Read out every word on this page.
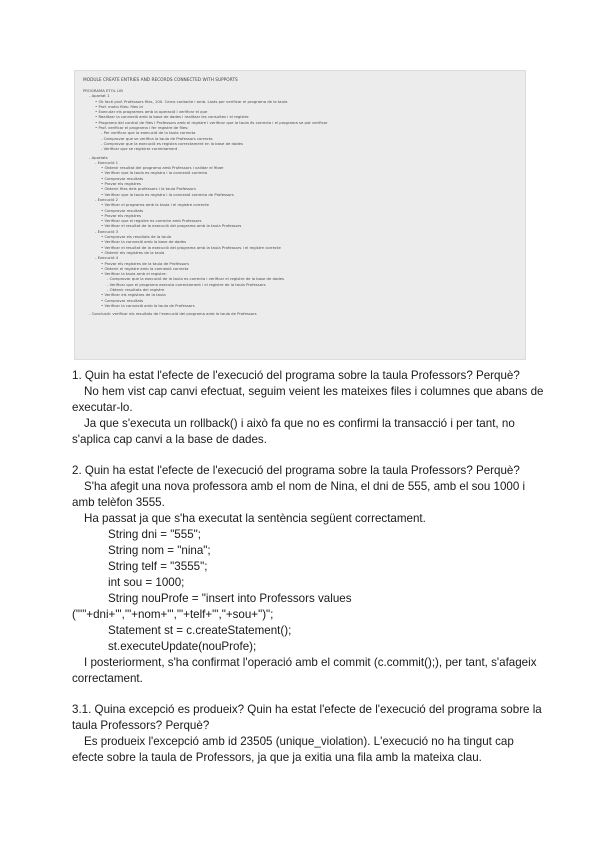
MODULE CREATE ENTRIES AND RECORDS CONNECTED WITH SUPPORTS
PROGRAMA ETOL LIB
- Apartat 1
• Ok facti prof. Professors files, 100. Cerca contacte i amb. Lasts per verificar el programa de la taula
• Prof. motiu files: files id
• Executar els programes amb la operació i verificar el que
• Realitzar la connexió amb la base de dades i realitzar les consultes i el registre
• Programa del control de files i Professors amb el registre i verificar que la taula és correcta i el programa se pot verificar
• Prof. verificar el programa i fer registre de files:
- Per verificar que la execució de la taula correcta
- Comprovar que se verifica la taula de Professors correcta
- Comprovar que la execució es registra correctament en la base de dades
- Verificar que se registrar correctament
- Apartats
- Execució 1
• Obtenir resultat del programa amb Professors i validar el fitxer
• Verificar que la taula es registra i la connexió correcta
• Comprovar resultats
• Provar els registres
• Obtenir files dels professors i la taula Professors
• Verificar que la taula es registra i la connexió correcta de Professors
- Execució 2
• Verificar el programa amb la taula i el registre correcte
• Comprovar resultats
• Provar els registres
• Verificar que el registre es correcte amb Professors
• Verificar el resultat de la execució del programa amb la taula Professors
- Execució 3
• Comprovar els resultats de la taula
• Verificar la connexió amb la base de dades
• Verificar el resultat de la execució del programa amb la taula Professors i el registre correcte
• Obtenir els registres de la taula
- Execució 4
• Provar els registres de la taula de Professors
• Obtenir el registre amb la connexió correcta
• Verificar la taula amb el registre:
- Comprovar que la execució de la taula es correcta i verificar el registre de la base de dades
- Verificar que el programa executa correctament i el registre de la taula Professors
- Obtenir resultats del registre
• Verificar els registres de la taula
• Comprovar resultats
• Verificar la connexió amb la taula de Professors
- Conclusió: verificar els resultats de l'execució del programa amb la taula de Professors
1. Quin ha estat l'efecte de l'execució del programa sobre la taula Professors? Perquè?
No hem vist cap canvi efectuat, seguim veient les mateixes files i columnes que abans de
executar-lo.
Ja que s'executa un rollback() i això fa que no es confirmi la transacció i per tant, no
s'aplica cap canvi a la base de dades.
2. Quin ha estat l'efecte de l'execució del programa sobre la taula Professors? Perquè?
S'ha afegit una nova professora amb el nom de Nina, el dni de 555, amb el sou 1000 i
amb telèfon 3555.
Ha passat ja que s'ha executat la sentència següent correctament.
String dni = "555";
String nom = "nina";
String telf = "3555";
int sou = 1000;
String nouProfe = "insert into Professors values
("'"+dni+"','"+nom+"','"+telf+"',"+sou+")";
Statement st = c.createStatement();
st.executeUpdate(nouProfe);
I posteriorment, s'ha confirmat l'operació amb el commit (c.commit();), per tant, s'afageix
correctament.
3.1. Quina excepció es produeix? Quin ha estat l'efecte de l'execució del programa sobre la
taula Professors? Perquè?
Es produeix l'excepció amb id 23505 (unique_violation). L'execució no ha tingut cap
efecte sobre la taula de Professors, ja que ja exitia una fila amb la mateixa clau.
